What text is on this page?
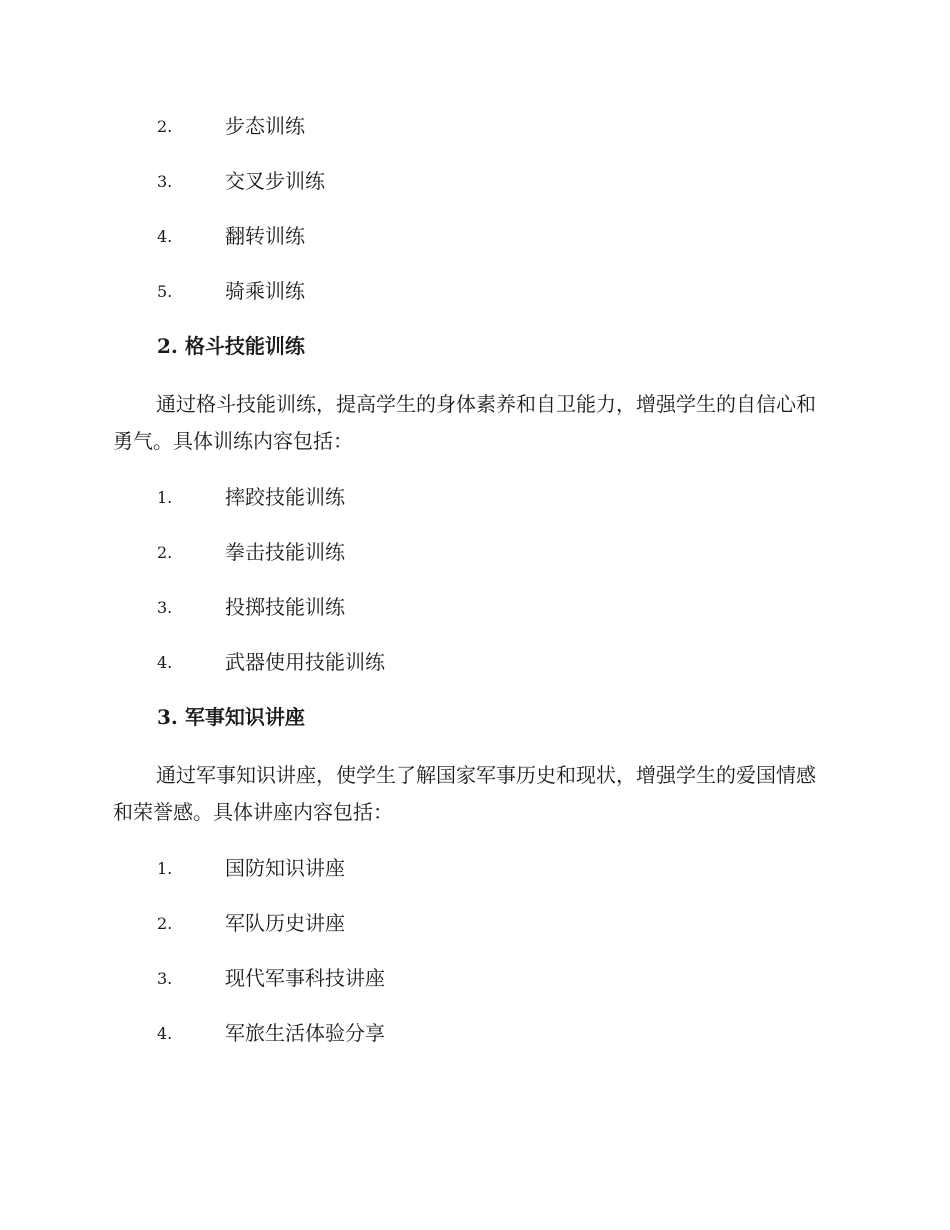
2.	步态训练
3.	交叉步训练
4.	翻转训练
5.	骑乘训练
2. 格斗技能训练

通过格斗技能训练，提高学生的身体素养和自卫能力，增强学生的自信心和勇气。具体训练内容包括：

1.	摔跤技能训练
2.	拳击技能训练
3.	投掷技能训练
4.	武器使用技能训练
3. 军事知识讲座

通过军事知识讲座，使学生了解国家军事历史和现状，增强学生的爱国情感和荣誉感。具体讲座内容包括：

1.	国防知识讲座
2.	军队历史讲座
3.	现代军事科技讲座
4.	军旅生活体验分享
